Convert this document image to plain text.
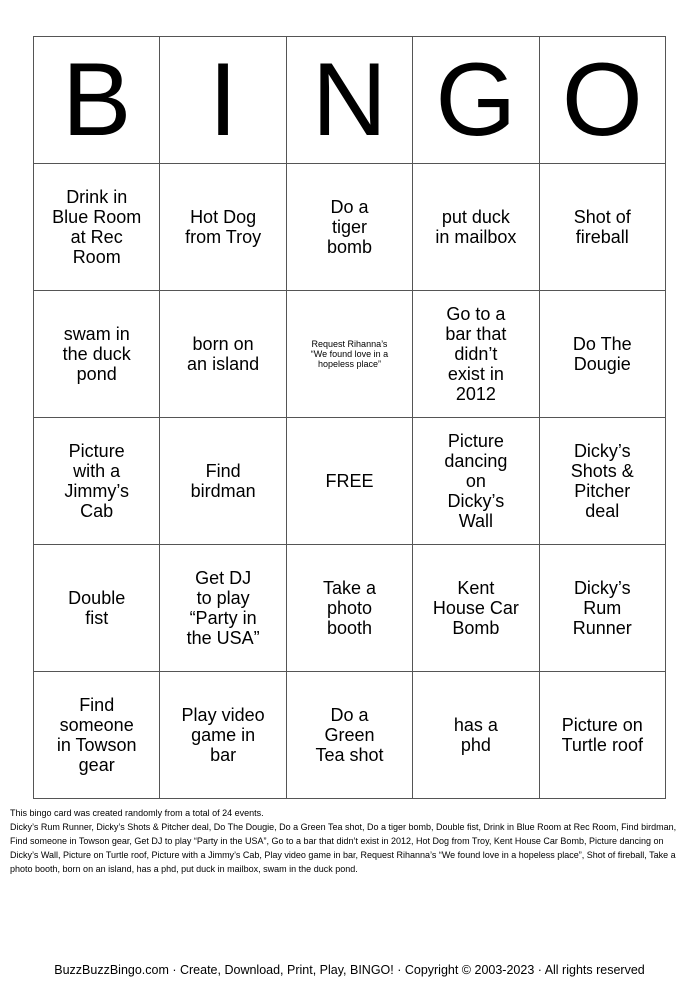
B	I	N	G	O
Drink in Blue Room at Rec Room	Hot Dog from Troy	Do a tiger bomb	put duck in mailbox	Shot of fireball
swam in the duck pond	born on an island	Request Rihanna’s “We found love in a hopeless place”	Go to a bar that didn’t exist in 2012	Do The Dougie
Picture with a Jimmy’s Cab	Find birdman	FREE	Picture dancing on Dicky’s Wall	Dicky’s Shots & Pitcher deal
Double fist	Get DJ to play “Party in the USA”	Take a photo booth	Kent House Car Bomb	Dicky’s Rum Runner
Find someone in Towson gear	Play video game in bar	Do a Green Tea shot	has a phd	Picture on Turtle roof
This bingo card was created randomly from a total of 24 events.
Dicky’s Rum Runner, Dicky’s Shots & Pitcher deal, Do The Dougie, Do a Green Tea shot, Do a tiger bomb, Double fist, Drink in Blue Room at Rec Room, Find birdman, Find someone in Towson gear, Get DJ to play “Party in the USA”, Go to a bar that didn’t exist in 2012, Hot Dog from Troy, Kent House Car Bomb, Picture dancing on Dicky’s Wall, Picture on Turtle roof, Picture with a Jimmy’s Cab, Play video game in bar, Request Rihanna’s “We found love in a hopeless place”, Shot of fireball, Take a photo booth, born on an island, has a phd, put duck in mailbox, swam in the duck pond.
BuzzBuzzBingo.com · Create, Download, Print, Play, BINGO! · Copyright © 2003-2023 · All rights reserved
